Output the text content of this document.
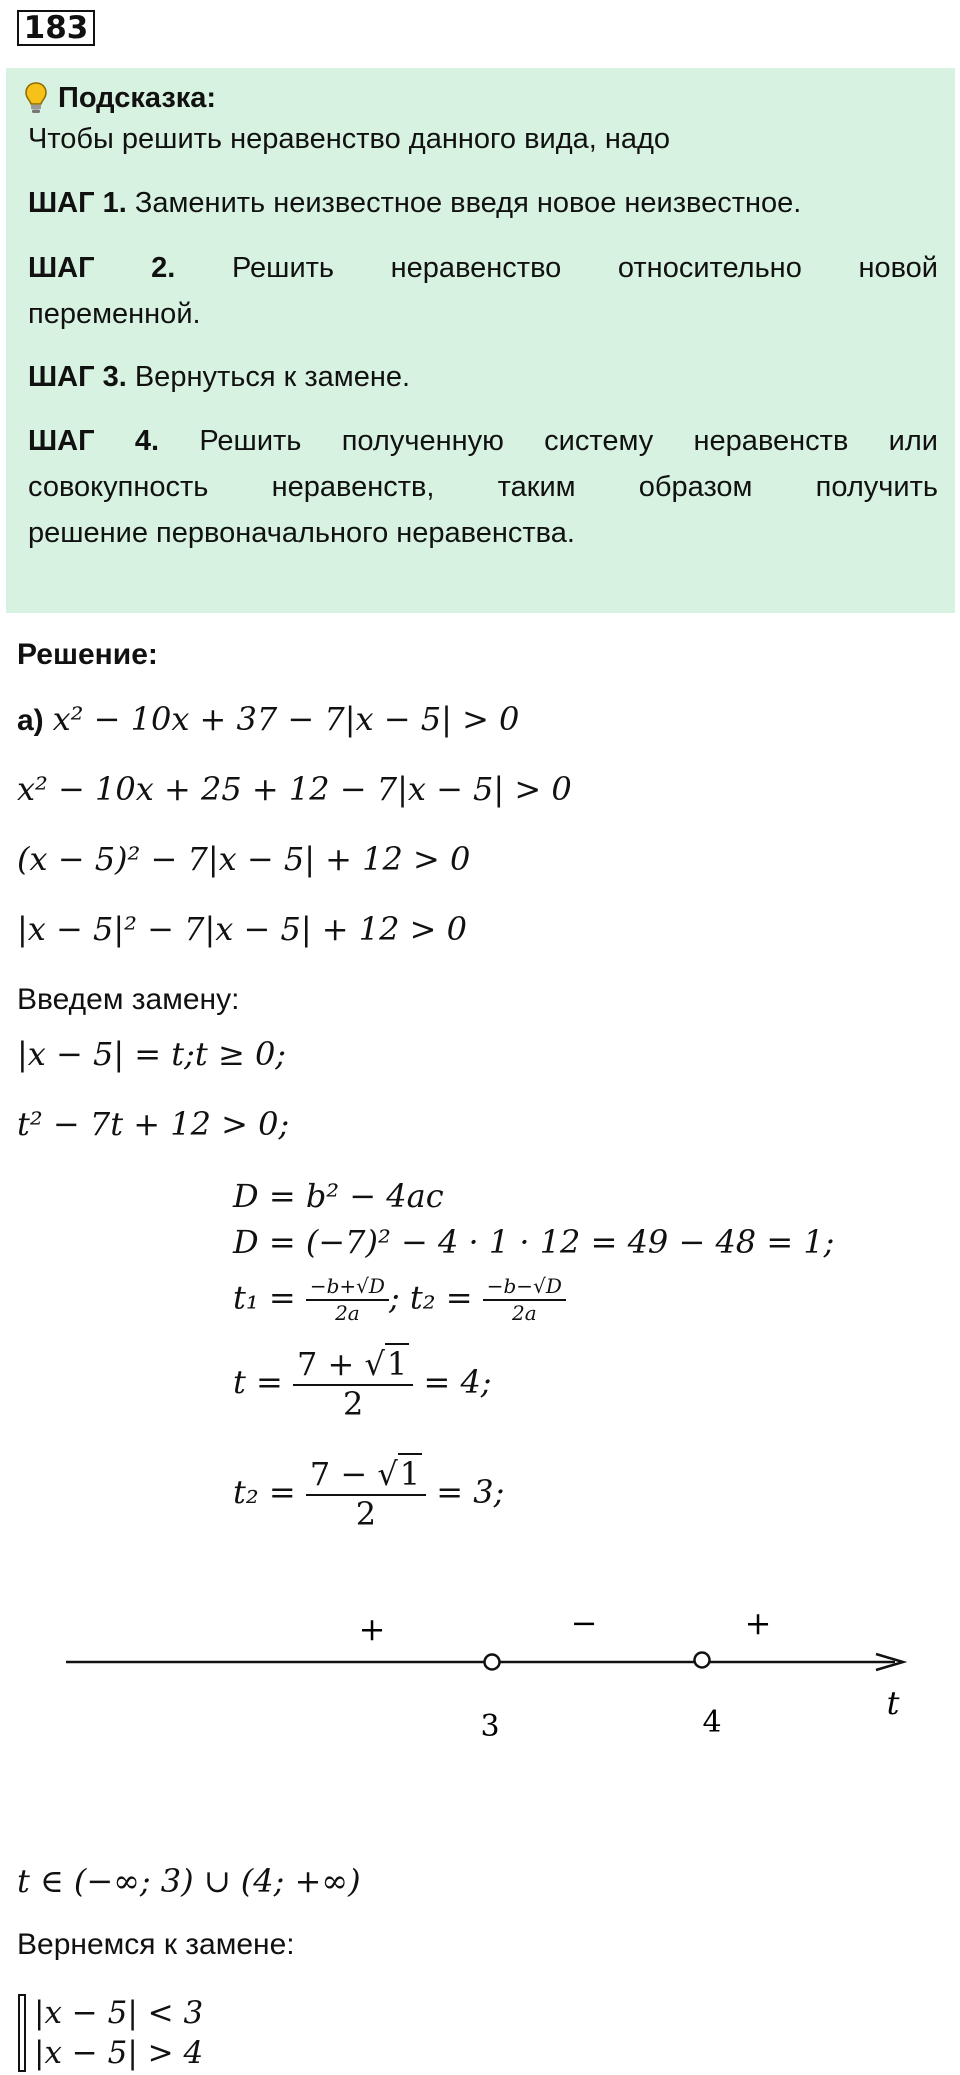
183
Подсказка:
Чтобы решить неравенство данного вида, надо
ШАГ 1. Заменить неизвестное введя новое неизвестное.
ШАГ 2. Решить неравенство относительно новой
переменной.
ШАГ 3. Вернуться к замене.
ШАГ 4. Решить полученную систему неравенств или
совокупность неравенств, таким образом получить
решение первоначального неравенства.
Решение:
а) x² − 10x + 37 − 7|x − 5| > 0
x² − 10x + 25 + 12 − 7|x − 5| > 0
(x − 5)² − 7|x − 5| + 12 > 0
|x − 5|² − 7|x − 5| + 12 > 0
Введем замену:
|x − 5| = t;t ≥ 0;
t² − 7t + 12 > 0;
D = b² − 4ac
D = (−7)² − 4 · 1 · 12 = 49 − 48 = 1;
$t_1 = \frac{-b+√D}{2a}$ ; $t_2 = \frac{-b-√D}{2a}$
$t = \frac{7 + √1}{2} = 4$;
$t_2 = \frac{7 - √1}{2} = 3$;
+	−	+
3	4
t
t ∈ (−∞; 3) ∪ (4; +∞)
Вернемся к замене:
|x − 5| < 3
|x − 5| > 4
